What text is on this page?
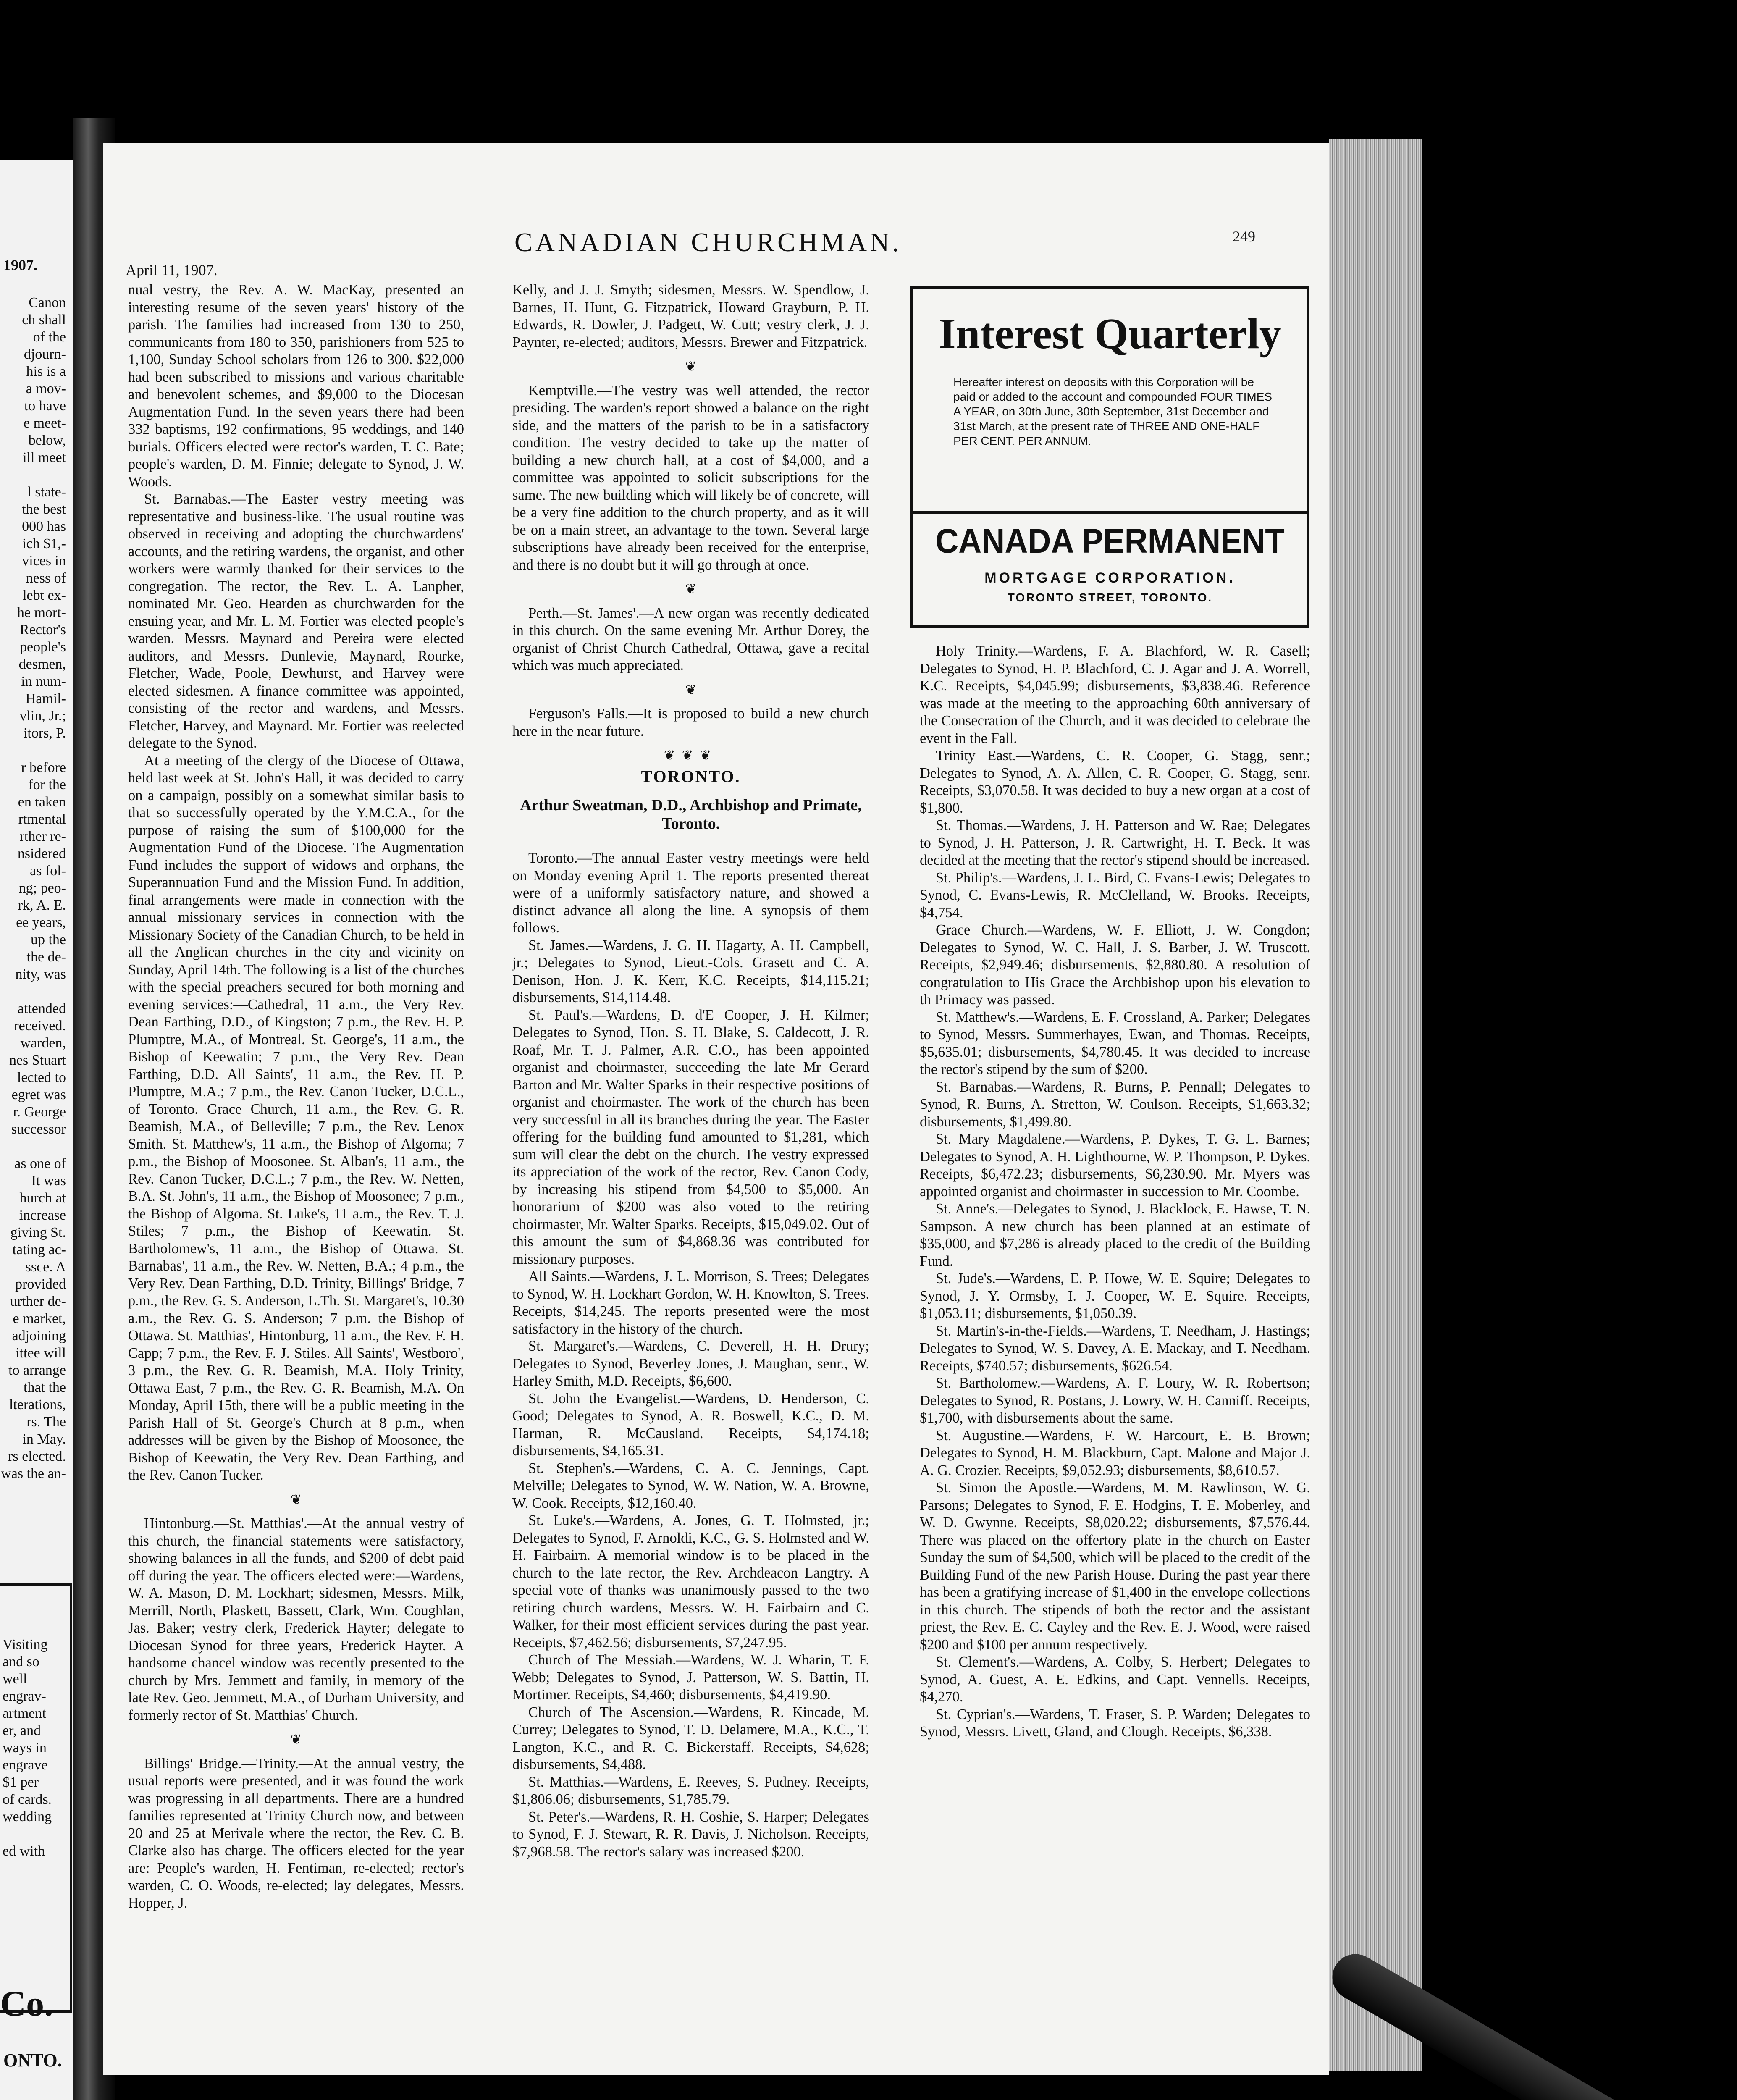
1907.
Canon
ch shall
of the
djourn-
his is a
a mov-
to have
e meet-
below,
ill meet
l state-
the best
000 has
ich $1,-
vices in
ness of
lebt ex-
he mort-
Rector's
people's
desmen,
in num-
Hamil-
vlin, Jr.;
itors, P.
r before
for the
en taken
rtmental
rther re-
nsidered
as fol-
ng; peo-
rk, A. E.
ee years,
up the
the de-
nity, was
attended
received.
warden,
nes Stuart
lected to
egret was
r. George
successor
as one of
It was
hurch at
increase
giving St.
tating ac-
ssce. A
provided
urther de-
e market,
adjoining
ittee will
to arrange
that the
lterations,
rs. The
in May.
rs elected.
was the an-
Visiting
and so
well
engrav-
artment
er, and
ways in
engrave
$1 per
of cards.
wedding
ed with
Co.
ONTO.
April 11, 1907.
CANADIAN CHURCHMAN.	249

nual vestry, the Rev. A. W. MacKay, presented an interesting resume of the seven years' history of the parish. The families had increased from 130 to 250, communicants from 180 to 350, parishioners from 525 to 1,100, Sunday School scholars from 126 to 300. $22,000 had been subscribed to missions and various charitable and benevolent schemes, and $9,000 to the Diocesan Augmentation Fund. In the seven years there had been 332 baptisms, 192 confirmations, 95 weddings, and 140 burials. Officers elected were rector's warden, T. C. Bate; people's warden, D. M. Finnie; delegate to Synod, J. W. Woods.

St. Barnabas.—The Easter vestry meeting was representative and business-like. The usual routine was observed in receiving and adopting the churchwardens' accounts, and the retiring wardens, the organist, and other workers were warmly thanked for their services to the congregation. The rector, the Rev. L. A. Lanpher, nominated Mr. Geo. Hearden as churchwarden for the ensuing year, and Mr. L. M. Fortier was elected people's warden. Messrs. Maynard and Pereira were elected auditors, and Messrs. Dunlevie, Maynard, Rourke, Fletcher, Wade, Poole, Dewhurst, and Harvey were elected sidesmen. A finance committee was appointed, consisting of the rector and wardens, and Messrs. Fletcher, Harvey, and Maynard. Mr. Fortier was reelected delegate to the Synod.

At a meeting of the clergy of the Diocese of Ottawa, held last week at St. John's Hall, it was decided to carry on a campaign, possibly on a somewhat similar basis to that so successfully operated by the Y.M.C.A., for the purpose of raising the sum of $100,000 for the Augmentation Fund of the Diocese. The Augmentation Fund includes the support of widows and orphans, the Superannuation Fund and the Mission Fund. In addition, final arrangements were made in connection with the annual missionary services in connection with the Missionary Society of the Canadian Church, to be held in all the Anglican churches in the city and vicinity on Sunday, April 14th. The following is a list of the churches with the special preachers secured for both morning and evening services:—Cathedral, 11 a.m., the Very Rev. Dean Farthing, D.D., of Kingston; 7 p.m., the Rev. H. P. Plumptre, M.A., of Montreal. St. George's, 11 a.m., the Bishop of Keewatin; 7 p.m., the Very Rev. Dean Farthing, D.D. All Saints', 11 a.m., the Rev. H. P. Plumptre, M.A.; 7 p.m., the Rev. Canon Tucker, D.C.L., of Toronto. Grace Church, 11 a.m., the Rev. G. R. Beamish, M.A., of Belleville; 7 p.m., the Rev. Lenox Smith. St. Matthew's, 11 a.m., the Bishop of Algoma; 7 p.m., the Bishop of Moosonee. St. Alban's, 11 a.m., the Rev. Canon Tucker, D.C.L.; 7 p.m., the Rev. W. Netten, B.A. St. John's, 11 a.m., the Bishop of Moosonee; 7 p.m., the Bishop of Algoma. St. Luke's, 11 a.m., the Rev. T. J. Stiles; 7 p.m., the Bishop of Keewatin. St. Bartholomew's, 11 a.m., the Bishop of Ottawa. St. Barnabas', 11 a.m., the Rev. W. Netten, B.A.; 4 p.m., the Very Rev. Dean Farthing, D.D. Trinity, Billings' Bridge, 7 p.m., the Rev. G. S. Anderson, L.Th. St. Margaret's, 10.30 a.m., the Rev. G. S. Anderson; 7 p.m. the Bishop of Ottawa. St. Matthias', Hintonburg, 11 a.m., the Rev. F. H. Capp; 7 p.m., the Rev. F. J. Stiles. All Saints', Westboro', 3 p.m., the Rev. G. R. Beamish, M.A. Holy Trinity, Ottawa East, 7 p.m., the Rev. G. R. Beamish, M.A. On Monday, April 15th, there will be a public meeting in the Parish Hall of St. George's Church at 8 p.m., when addresses will be given by the Bishop of Moosonee, the Bishop of Keewatin, the Very Rev. Dean Farthing, and the Rev. Canon Tucker.

❦

Hintonburg.—St. Matthias'.—At the annual vestry of this church, the financial statements were satisfactory, showing balances in all the funds, and $200 of debt paid off during the year. The officers elected were:—Wardens, W. A. Mason, D. M. Lockhart; sidesmen, Messrs. Milk, Merrill, North, Plaskett, Bassett, Clark, Wm. Coughlan, Jas. Baker; vestry clerk, Frederick Hayter; delegate to Diocesan Synod for three years, Frederick Hayter. A handsome chancel window was recently presented to the church by Mrs. Jemmett and family, in memory of the late Rev. Geo. Jemmett, M.A., of Durham University, and formerly rector of St. Matthias' Church.

❦

Billings' Bridge.—Trinity.—At the annual vestry, the usual reports were presented, and it was found the work was progressing in all departments. There are a hundred families represented at Trinity Church now, and between 20 and 25 at Merivale where the rector, the Rev. C. B. Clarke also has charge. The officers elected for the year are: People's warden, H. Fentiman, re-elected; rector's warden, C. O. Woods, re-elected; lay delegates, Messrs. Hopper, J.

Kelly, and J. J. Smyth; sidesmen, Messrs. W. Spendlow, J. Barnes, H. Hunt, G. Fitzpatrick, Howard Grayburn, P. H. Edwards, R. Dowler, J. Padgett, W. Cutt; vestry clerk, J. J. Paynter, re-elected; auditors, Messrs. Brewer and Fitzpatrick.

❦

Kemptville.—The vestry was well attended, the rector presiding. The warden's report showed a balance on the right side, and the matters of the parish to be in a satisfactory condition. The vestry decided to take up the matter of building a new church hall, at a cost of $4,000, and a committee was appointed to solicit subscriptions for the same. The new building which will likely be of concrete, will be a very fine addition to the church property, and as it will be on a main street, an advantage to the town. Several large subscriptions have already been received for the enterprise, and there is no doubt but it will go through at once.

❦

Perth.—St. James'.—A new organ was recently dedicated in this church. On the same evening Mr. Arthur Dorey, the organist of Christ Church Cathedral, Ottawa, gave a recital which was much appreciated.

❦

Ferguson's Falls.—It is proposed to build a new church here in the near future.

❦❦❦
TORONTO.
Arthur Sweatman, D.D., Archbishop and Primate, Toronto.

Toronto.—The annual Easter vestry meetings were held on Monday evening April 1. The reports presented thereat were of a uniformly satisfactory nature, and showed a distinct advance all along the line. A synopsis of them follows.

St. James.—Wardens, J. G. H. Hagarty, A. H. Campbell, jr.; Delegates to Synod, Lieut.-Cols. Grasett and C. A. Denison, Hon. J. K. Kerr, K.C. Receipts, $14,115.21; disbursements, $14,114.48.

St. Paul's.—Wardens, D. d'E Cooper, J. H. Kilmer; Delegates to Synod, Hon. S. H. Blake, S. Caldecott, J. R. Roaf, Mr. T. J. Palmer, A.R. C.O., has been appointed organist and choirmaster, succeeding the late Mr Gerard Barton and Mr. Walter Sparks in their respective positions of organist and choirmaster. The work of the church has been very successful in all its branches during the year. The Easter offering for the building fund amounted to $1,281, which sum will clear the debt on the church. The vestry expressed its appreciation of the work of the rector, Rev. Canon Cody, by increasing his stipend from $4,500 to $5,000. An honorarium of $200 was also voted to the retiring choirmaster, Mr. Walter Sparks. Receipts, $15,049.02. Out of this amount the sum of $4,868.36 was contributed for missionary purposes.

All Saints.—Wardens, J. L. Morrison, S. Trees; Delegates to Synod, W. H. Lockhart Gordon, W. H. Knowlton, S. Trees. Receipts, $14,245. The reports presented were the most satisfactory in the history of the church.

St. Margaret's.—Wardens, C. Deverell, H. H. Drury; Delegates to Synod, Beverley Jones, J. Maughan, senr., W. Harley Smith, M.D. Receipts, $6,600.

St. John the Evangelist.—Wardens, D. Henderson, C. Good; Delegates to Synod, A. R. Boswell, K.C., D. M. Harman, R. McCausland. Receipts, $4,174.18; disbursements, $4,165.31.

St. Stephen's.—Wardens, C. A. C. Jennings, Capt. Melville; Delegates to Synod, W. W. Nation, W. A. Browne, W. Cook. Receipts, $12,160.40.

St. Luke's.—Wardens, A. Jones, G. T. Holmsted, jr.; Delegates to Synod, F. Arnoldi, K.C., G. S. Holmsted and W. H. Fairbairn. A memorial window is to be placed in the church to the late rector, the Rev. Archdeacon Langtry. A special vote of thanks was unanimously passed to the two retiring church wardens, Messrs. W. H. Fairbairn and C. Walker, for their most efficient services during the past year. Receipts, $7,462.56; disbursements, $7,247.95.

Church of The Messiah.—Wardens, W. J. Wharin, T. F. Webb; Delegates to Synod, J. Patterson, W. S. Battin, H. Mortimer. Receipts, $4,460; disbursements, $4,419.90.

Church of The Ascension.—Wardens, R. Kincade, M. Currey; Delegates to Synod, T. D. Delamere, M.A., K.C., T. Langton, K.C., and R. C. Bickerstaff. Receipts, $4,628; disbursements, $4,488.

St. Matthias.—Wardens, E. Reeves, S. Pudney. Receipts, $1,806.06; disbursements, $1,785.79.

St. Peter's.—Wardens, R. H. Coshie, S. Harper; Delegates to Synod, F. J. Stewart, R. R. Davis, J. Nicholson. Receipts, $7,968.58. The rector's salary was increased $200.

Interest Quarterly
Hereafter interest on deposits with this Corporation will be paid or added to the account and compounded FOUR TIMES A YEAR, on 30th June, 30th September, 31st December and 31st March, at the present rate of THREE AND ONE-HALF PER CENT. PER ANNUM.
CANADA PERMANENT
MORTGAGE CORPORATION.
TORONTO STREET, TORONTO.

Holy Trinity.—Wardens, F. A. Blachford, W. R. Casell; Delegates to Synod, H. P. Blachford, C. J. Agar and J. A. Worrell, K.C. Receipts, $4,045.99; disbursements, $3,838.46. Reference was made at the meeting to the approaching 60th anniversary of the Consecration of the Church, and it was decided to celebrate the event in the Fall.

Trinity East.—Wardens, C. R. Cooper, G. Stagg, senr.; Delegates to Synod, A. A. Allen, C. R. Cooper, G. Stagg, senr. Receipts, $3,070.58. It was decided to buy a new organ at a cost of $1,800.

St. Thomas.—Wardens, J. H. Patterson and W. Rae; Delegates to Synod, J. H. Patterson, J. R. Cartwright, H. T. Beck. It was decided at the meeting that the rector's stipend should be increased.

St. Philip's.—Wardens, J. L. Bird, C. Evans-Lewis; Delegates to Synod, C. Evans-Lewis, R. McClelland, W. Brooks. Receipts, $4,754.

Grace Church.—Wardens, W. F. Elliott, J. W. Congdon; Delegates to Synod, W. C. Hall, J. S. Barber, J. W. Truscott. Receipts, $2,949.46; disbursements, $2,880.80. A resolution of congratulation to His Grace the Archbishop upon his elevation to th Primacy was passed.

St. Matthew's.—Wardens, E. F. Crossland, A. Parker; Delegates to Synod, Messrs. Summerhayes, Ewan, and Thomas. Receipts, $5,635.01; disbursements, $4,780.45. It was decided to increase the rector's stipend by the sum of $200.

St. Barnabas.—Wardens, R. Burns, P. Pennall; Delegates to Synod, R. Burns, A. Stretton, W. Coulson. Receipts, $1,663.32; disbursements, $1,499.80.

St. Mary Magdalene.—Wardens, P. Dykes, T. G. L. Barnes; Delegates to Synod, A. H. Lighthourne, W. P. Thompson, P. Dykes. Receipts, $6,472.23; disbursements, $6,230.90. Mr. Myers was appointed organist and choirmaster in succession to Mr. Coombe.

St. Anne's.—Delegates to Synod, J. Blacklock, E. Hawse, T. N. Sampson. A new church has been planned at an estimate of $35,000, and $7,286 is already placed to the credit of the Building Fund.

St. Jude's.—Wardens, E. P. Howe, W. E. Squire; Delegates to Synod, J. Y. Ormsby, I. J. Cooper, W. E. Squire. Receipts, $1,053.11; disbursements, $1,050.39.

St. Martin's-in-the-Fields.—Wardens, T. Needham, J. Hastings; Delegates to Synod, W. S. Davey, A. E. Mackay, and T. Needham. Receipts, $740.57; disbursements, $626.54.

St. Bartholomew.—Wardens, A. F. Loury, W. R. Robertson; Delegates to Synod, R. Postans, J. Lowry, W. H. Canniff. Receipts, $1,700, with disbursements about the same.

St. Augustine.—Wardens, F. W. Harcourt, E. B. Brown; Delegates to Synod, H. M. Blackburn, Capt. Malone and Major J. A. G. Crozier. Receipts, $9,052.93; disbursements, $8,610.57.

St. Simon the Apostle.—Wardens, M. M. Rawlinson, W. G. Parsons; Delegates to Synod, F. E. Hodgins, T. E. Moberley, and W. D. Gwynne. Receipts, $8,020.22; disbursements, $7,576.44. There was placed on the offertory plate in the church on Easter Sunday the sum of $4,500, which will be placed to the credit of the Building Fund of the new Parish House. During the past year there has been a gratifying increase of $1,400 in the envelope collections in this church. The stipends of both the rector and the assistant priest, the Rev. E. C. Cayley and the Rev. E. J. Wood, were raised $200 and $100 per annum respectively.

St. Clement's.—Wardens, A. Colby, S. Herbert; Delegates to Synod, A. Guest, A. E. Edkins, and Capt. Vennells. Receipts, $4,270.

St. Cyprian's.—Wardens, T. Fraser, S. P. Warden; Delegates to Synod, Messrs. Livett, Gland, and Clough. Receipts, $6,338.
